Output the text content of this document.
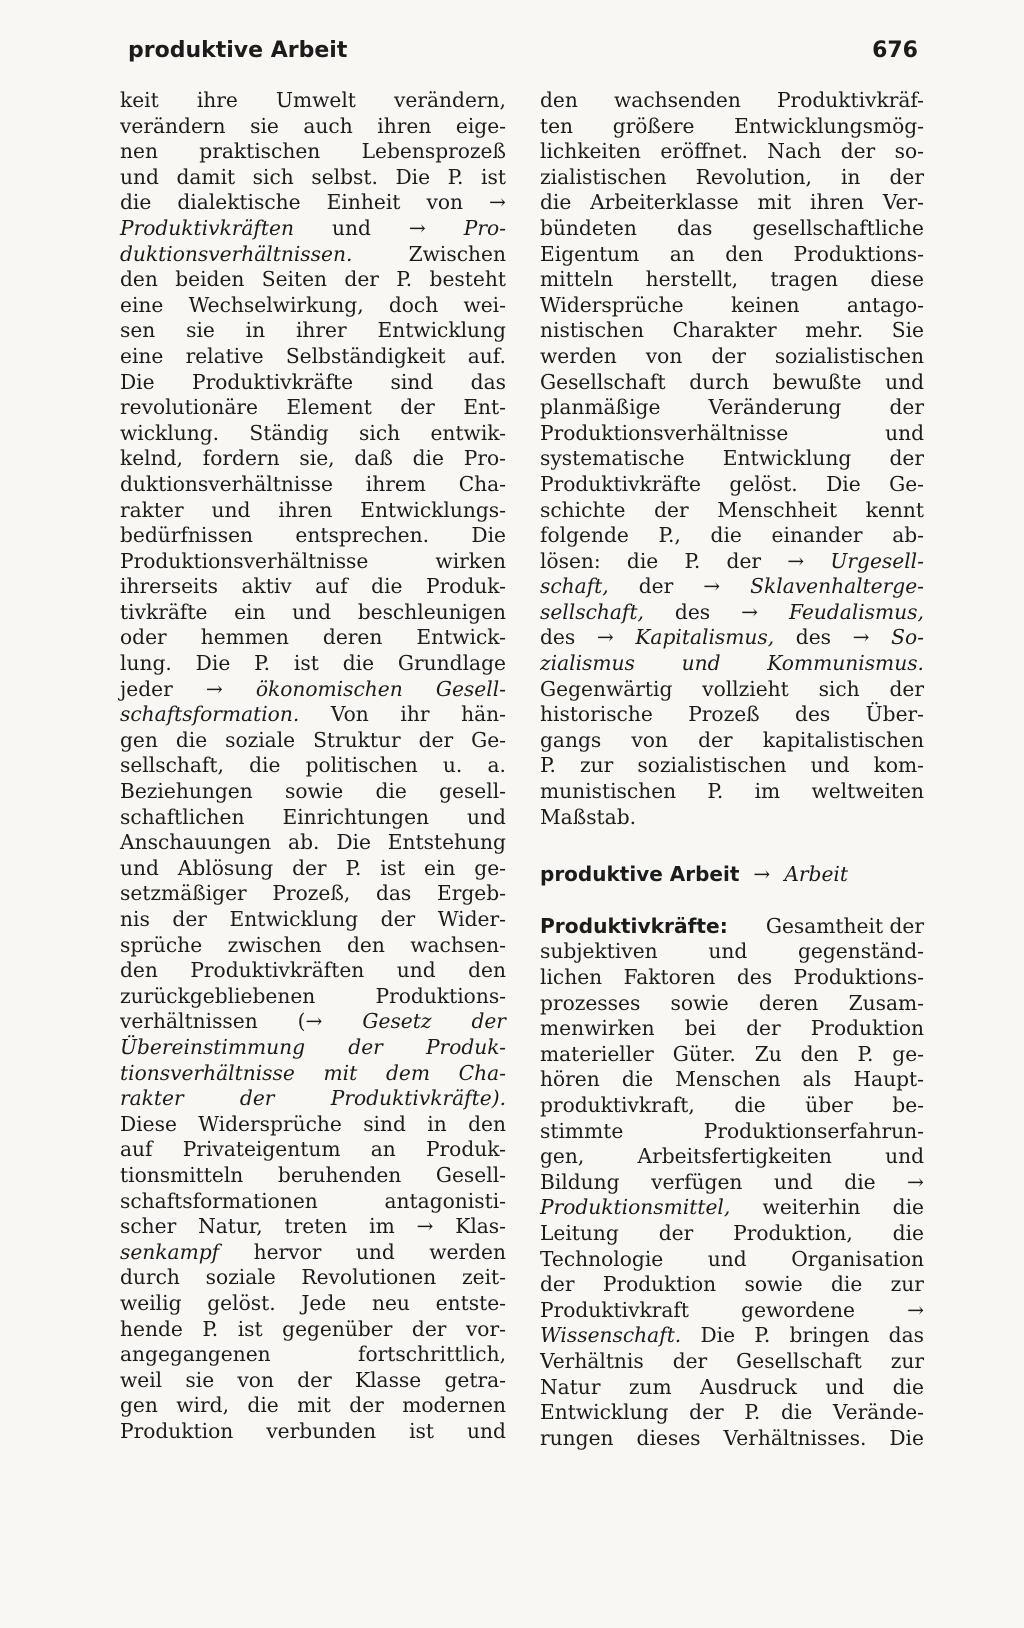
produktive Arbeit	676
keit ihre Umwelt verändern,
verändern sie auch ihren eige-
nen praktischen Lebensprozeß
und damit sich selbst. Die P. ist
die dialektische Einheit von →
Produktivkräften und → Pro-
duktionsverhältnissen.	Zwischen
den beiden Seiten der P. besteht
eine Wechselwirkung, doch wei-
sen sie in ihrer Entwicklung
eine relative Selbständigkeit auf.
Die Produktivkräfte sind das
revolutionäre Element der Ent-
wicklung. Ständig sich entwik-
kelnd, fordern sie, daß die Pro-
duktionsverhältnisse ihrem Cha-
rakter und ihren Entwicklungs-
bedürfnissen entsprechen. Die
Produktionsverhältnisse	wirken
ihrerseits aktiv auf die Produk-
tivkräfte ein und beschleunigen
oder hemmen deren Entwick-
lung. Die P. ist die Grundlage
jeder → ökonomischen Gesell-
schaftsformation. Von ihr hän-
gen die soziale Struktur der Ge-
sellschaft, die politischen u. a.
Beziehungen sowie die gesell-
schaftlichen Einrichtungen und
Anschauungen ab. Die Entstehung
und Ablösung der P. ist ein ge-
setzmäßiger Prozeß, das Ergeb-
nis der Entwicklung der Wider-
sprüche zwischen den wachsen-
den Produktivkräften und den
zurückgebliebenen	Produktions-
verhältnissen (→ Gesetz der
Übereinstimmung der Produk-
tionsverhältnisse mit dem Cha-
rakter	der	Produktivkräfte).
Diese Widersprüche sind in den
auf Privateigentum an Produk-
tionsmitteln beruhenden Gesell-
schaftsformationen	antagonisti-
scher Natur, treten im → Klas-
senkampf hervor und werden
durch soziale Revolutionen zeit-
weilig gelöst. Jede neu entste-
hende P. ist gegenüber der vor-
angegangenen	fortschrittlich,
weil sie von der Klasse getra-
gen wird, die mit der modernen
Produktion verbunden ist und
den wachsenden Produktivkräf-
ten größere Entwicklungsmög-
lichkeiten eröffnet. Nach der so-
zialistischen Revolution, in der
die Arbeiterklasse mit ihren Ver-
bündeten das gesellschaftliche
Eigentum an den Produktions-
mitteln herstellt, tragen diese
Widersprüche keinen antago-
nistischen Charakter mehr. Sie
werden von der sozialistischen
Gesellschaft durch bewußte und
planmäßige Veränderung der
Produktionsverhältnisse	und
systematische Entwicklung der
Produktivkräfte gelöst. Die Ge-
schichte der Menschheit kennt
folgende P., die einander ab-
lösen: die P. der → Urgesell-
schaft, der → Sklavenhalterge-
sellschaft, des → Feudalismus,
des → Kapitalismus, des → So-
zialismus und Kommunismus.
Gegenwärtig vollzieht sich der
historische Prozeß des Über-
gangs von der kapitalistischen
P. zur sozialistischen und kom-
munistischen P. im weltweiten
Maßstab.
produktive Arbeit → Arbeit
Produktivkräfte: Gesamtheit der
subjektiven	und	gegenständ-
lichen Faktoren des Produktions-
prozesses sowie deren Zusam-
menwirken bei der Produktion
materieller Güter. Zu den P. ge-
hören die Menschen als Haupt-
produktivkraft, die über be-
stimmte	Produktionserfahrun-
gen,	Arbeitsfertigkeiten	und
Bildung verfügen und die →
Produktionsmittel, weiterhin die
Leitung der Produktion, die
Technologie und Organisation
der Produktion sowie die zur
Produktivkraft	gewordene	→
Wissenschaft. Die P. bringen das
Verhältnis der Gesellschaft zur
Natur zum Ausdruck und die
Entwicklung der P. die Verände-
rungen dieses Verhältnisses. Die
